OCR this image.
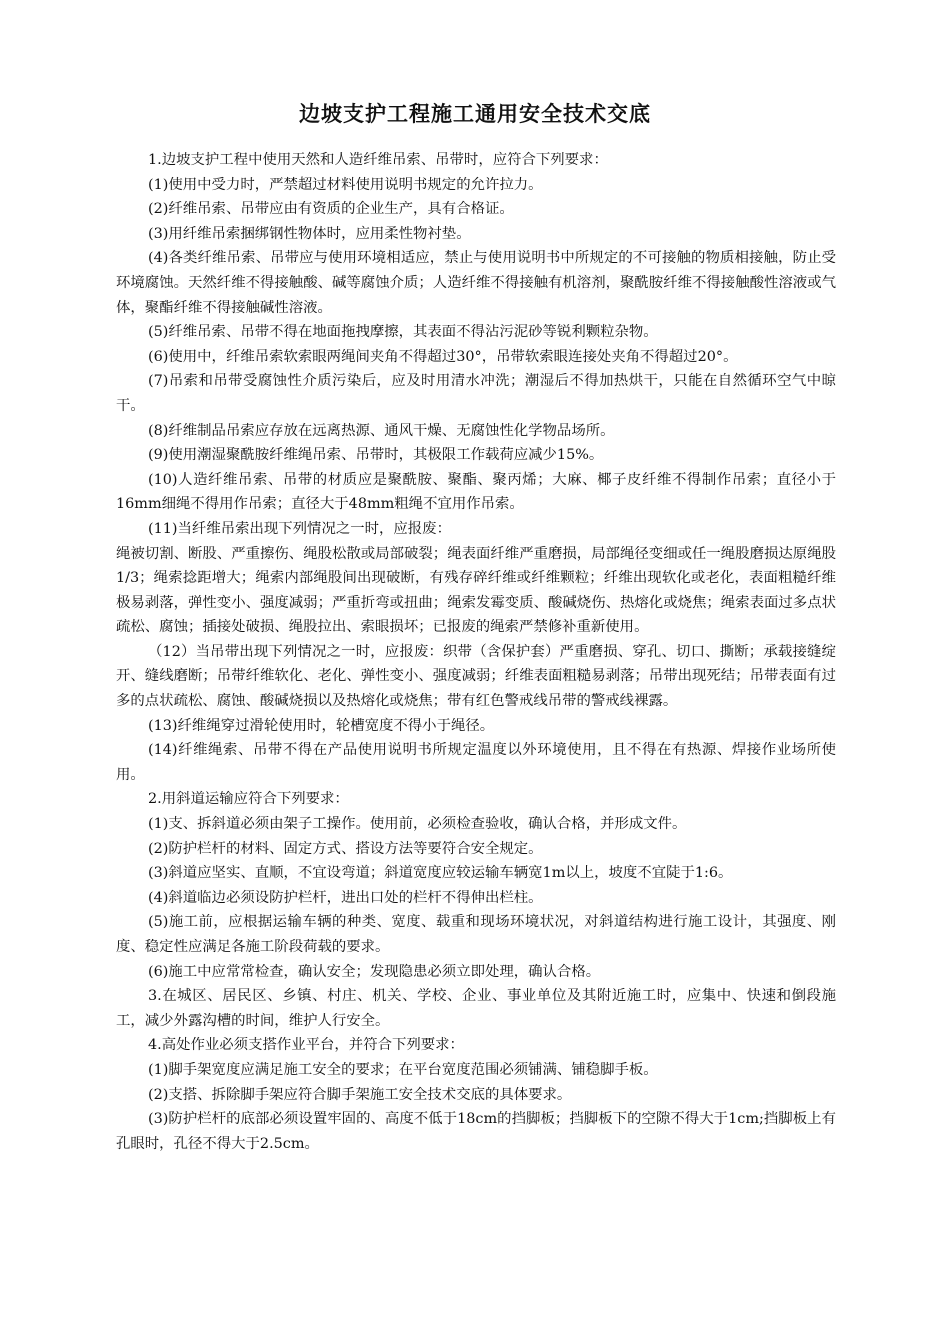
边坡支护工程施工通用安全技术交底

1.边坡支护工程中使用天然和人造纤维吊索、吊带时，应符合下列要求：

(1)使用中受力时，严禁超过材料使用说明书规定的允许拉力。

(2)纤维吊索、吊带应由有资质的企业生产，具有合格证。

(3)用纤维吊索捆绑钢性物体时，应用柔性物衬垫。

(4)各类纤维吊索、吊带应与使用环境相适应，禁止与使用说明书中所规定的不可接触的物质相接触，防止受环境腐蚀。天然纤维不得接触酸、碱等腐蚀介质；人造纤维不得接触有机溶剂，聚酰胺纤维不得接触酸性溶液或气体，聚酯纤维不得接触碱性溶液。

(5)纤维吊索、吊带不得在地面拖拽摩擦，其表面不得沾污泥砂等锐利颗粒杂物。

(6)使用中，纤维吊索软索眼两绳间夹角不得超过30°，吊带软索眼连接处夹角不得超过20°。

(7)吊索和吊带受腐蚀性介质污染后，应及时用清水冲洗；潮湿后不得加热烘干，只能在自然循环空气中晾干。

(8)纤维制品吊索应存放在远离热源、通风干燥、无腐蚀性化学物品场所。

(9)使用潮湿聚酰胺纤维绳吊索、吊带时，其极限工作载荷应减少15%。

(10)人造纤维吊索、吊带的材质应是聚酰胺、聚酯、聚丙烯；大麻、椰子皮纤维不得制作吊索；直径小于16mm细绳不得用作吊索；直径大于48mm粗绳不宜用作吊索。

(11)当纤维吊索出现下列情况之一时，应报废：

绳被切割、断股、严重擦伤、绳股松散或局部破裂；绳表面纤维严重磨损，局部绳径变细或任一绳股磨损达原绳股1/3；绳索捻距增大；绳索内部绳股间出现破断，有残存碎纤维或纤维颗粒；纤维出现软化或老化，表面粗糙纤维极易剥落，弹性变小、强度减弱；严重折弯或扭曲；绳索发霉变质、酸碱烧伤、热熔化或烧焦；绳索表面过多点状疏松、腐蚀；插接处破损、绳股拉出、索眼损坏；已报废的绳索严禁修补重新使用。

（12）当吊带出现下列情况之一时，应报废：织带（含保护套）严重磨损、穿孔、切口、撕断；承载接缝绽开、缝线磨断；吊带纤维软化、老化、弹性变小、强度减弱；纤维表面粗糙易剥落；吊带出现死结；吊带表面有过多的点状疏松、腐蚀、酸碱烧损以及热熔化或烧焦；带有红色警戒线吊带的警戒线裸露。

(13)纤维绳穿过滑轮使用时，轮槽宽度不得小于绳径。

(14)纤维绳索、吊带不得在产品使用说明书所规定温度以外环境使用，且不得在有热源、焊接作业场所使用。

2.用斜道运输应符合下列要求：

(1)支、拆斜道必须由架子工操作。使用前，必须检查验收，确认合格，并形成文件。

(2)防护栏杆的材料、固定方式、搭设方法等要符合安全规定。

(3)斜道应坚实、直顺，不宜设弯道；斜道宽度应较运输车辆宽1m以上，坡度不宜陡于1:6。

(4)斜道临边必须设防护栏杆，进出口处的栏杆不得伸出栏柱。

(5)施工前，应根据运输车辆的种类、宽度、载重和现场环境状况，对斜道结构进行施工设计，其强度、刚度、稳定性应满足各施工阶段荷载的要求。

(6)施工中应常常检查，确认安全；发现隐患必须立即处理，确认合格。

3.在城区、居民区、乡镇、村庄、机关、学校、企业、事业单位及其附近施工时，应集中、快速和倒段施工，减少外露沟槽的时间，维护人行安全。

4.高处作业必须支搭作业平台，并符合下列要求：

(1)脚手架宽度应满足施工安全的要求；在平台宽度范围必须铺满、铺稳脚手板。

(2)支搭、拆除脚手架应符合脚手架施工安全技术交底的具体要求。

(3)防护栏杆的底部必须设置牢固的、高度不低于18cm的挡脚板；挡脚板下的空隙不得大于1cm;挡脚板上有孔眼时，孔径不得大于2.5cm。
